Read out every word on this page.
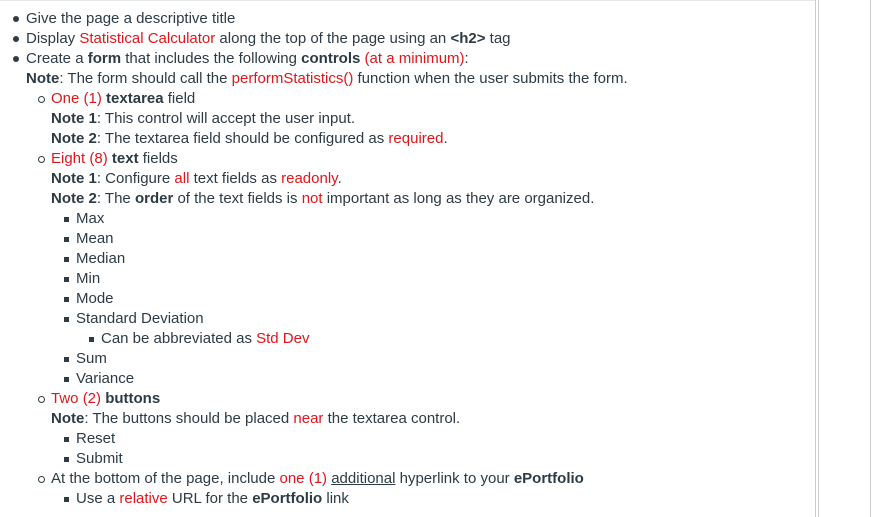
Give the page a descriptive title
Display Statistical Calculator along the top of the page using an <h2> tag
Create a form that includes the following controls (at a minimum):
Note: The form should call the performStatistics() function when the user submits the form.
One (1) textarea field
Note 1: This control will accept the user input.
Note 2: The textarea field should be configured as required.
Eight (8) text fields
Note 1: Configure all text fields as readonly.
Note 2: The order of the text fields is not important as long as they are organized.
Max
Mean
Median
Min
Mode
Standard Deviation
Can be abbreviated as Std Dev
Sum
Variance
Two (2) buttons
Note: The buttons should be placed near the textarea control.
Reset
Submit
At the bottom of the page, include one (1) additional hyperlink to your ePortfolio
Use a relative URL for the ePortfolio link
